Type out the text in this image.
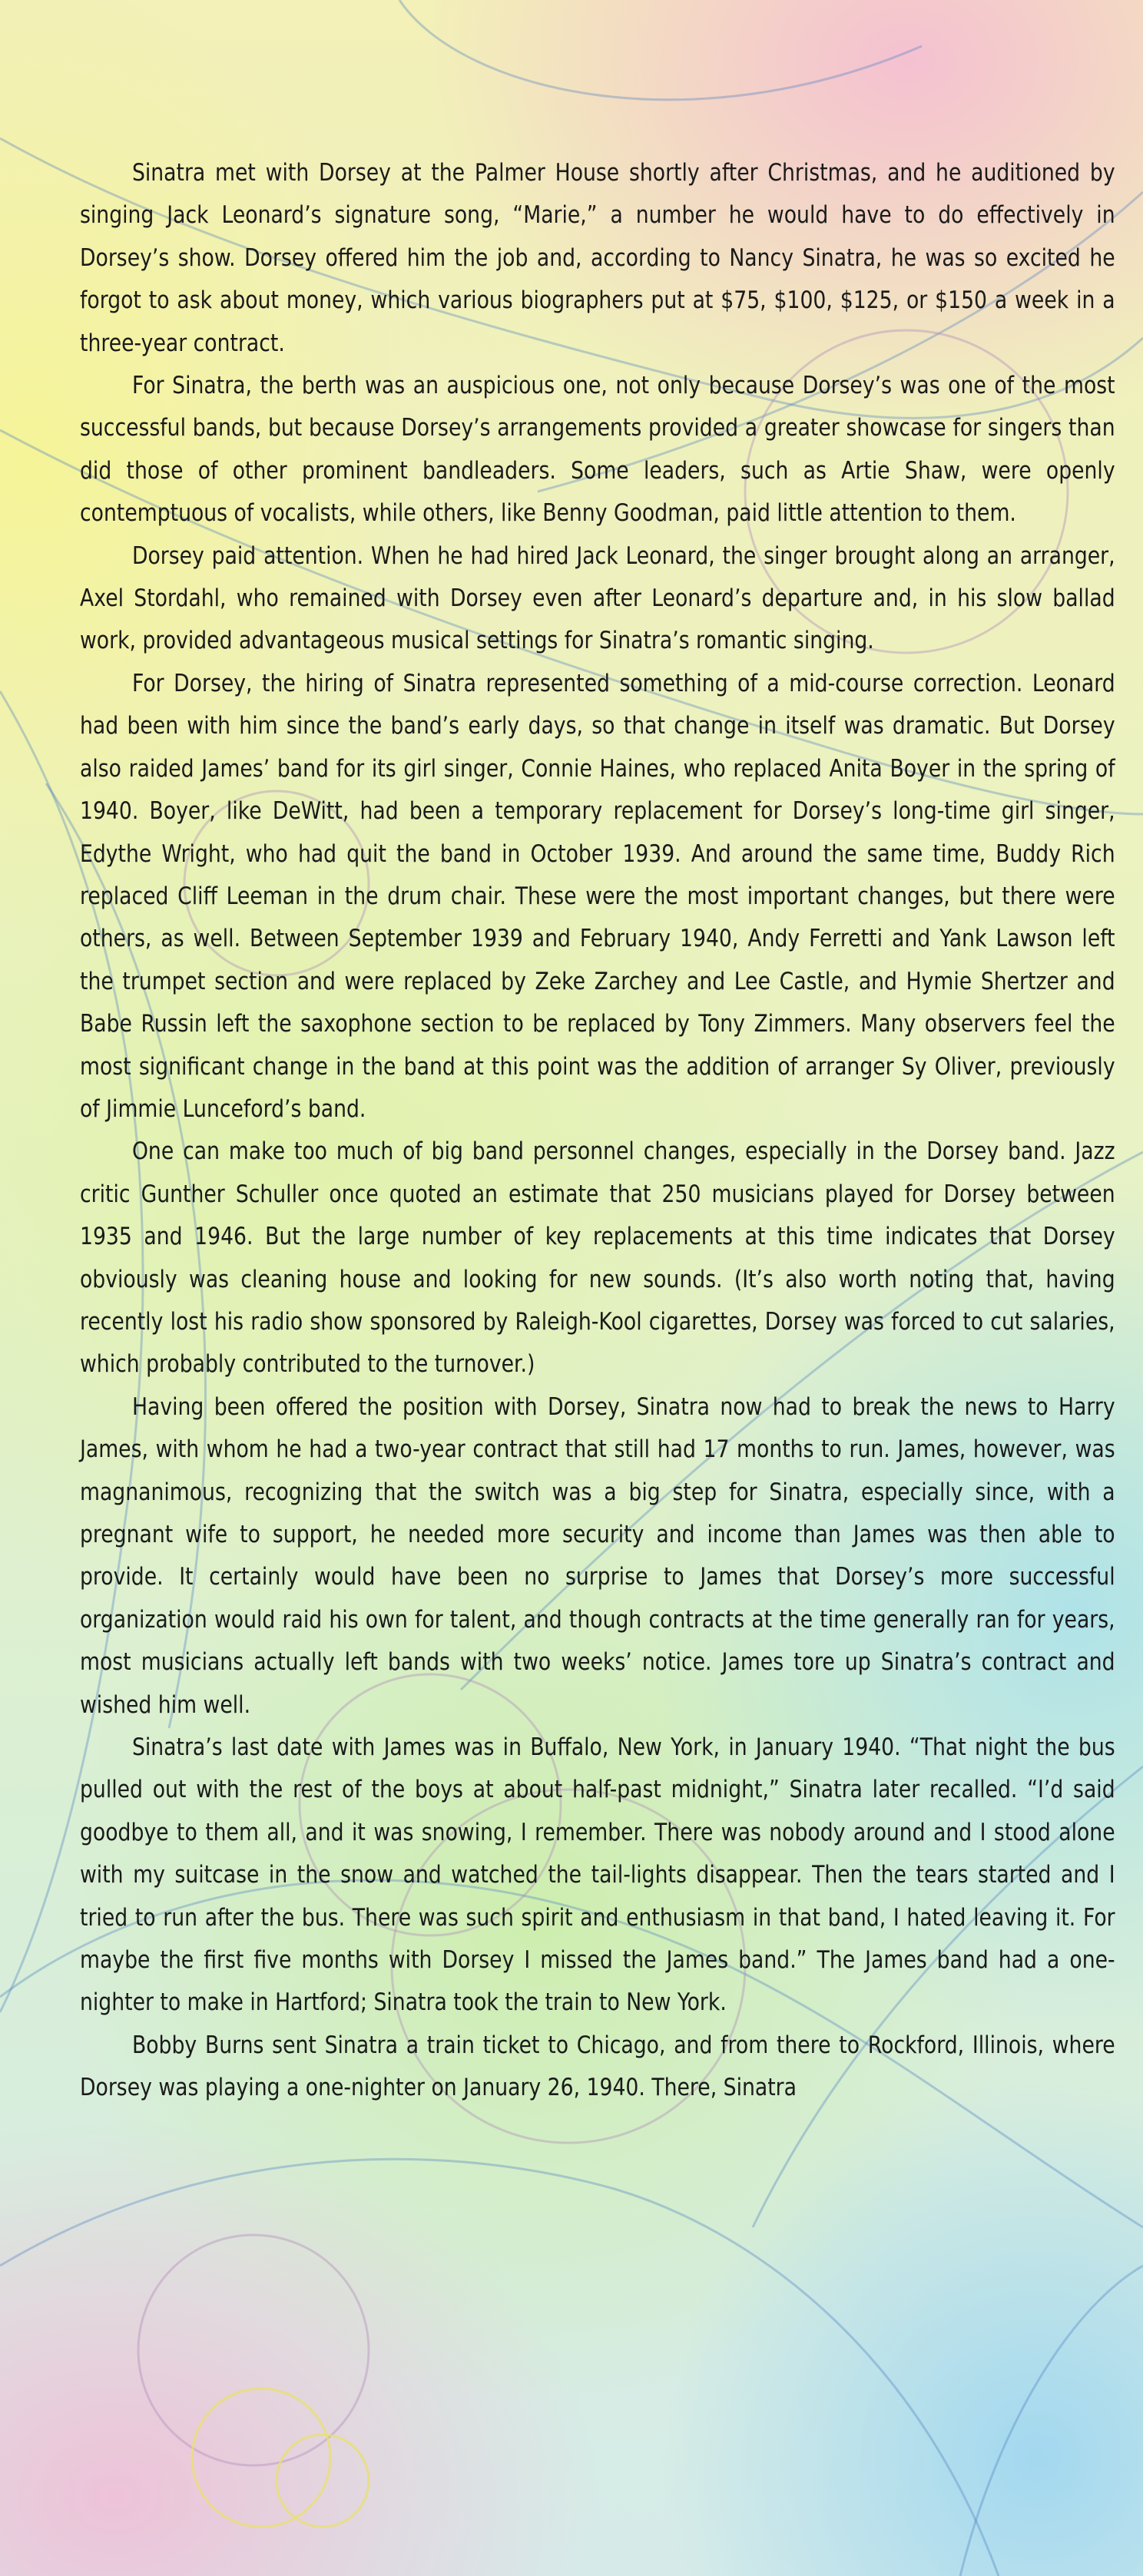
Sinatra met with Dorsey at the Palmer House shortly after Christmas, and he auditioned by singing Jack Leonard’s signature song, “Marie,” a number he would have to do effectively in Dorsey’s show. Dorsey offered him the job and, according to Nancy Sinatra, he was so excited he forgot to ask about money, which various biographers put at $75, $100, $125, or $150 a week in a three-year contract.

For Sinatra, the berth was an auspicious one, not only because Dorsey’s was one of the most successful bands, but because Dorsey’s arrangements provided a greater showcase for singers than did those of other prominent bandleaders. Some leaders, such as Artie Shaw, were openly contemptuous of vocalists, while others, like Benny Goodman, paid little attention to them.

Dorsey paid attention. When he had hired Jack Leonard, the singer brought along an arranger, Axel Stordahl, who remained with Dorsey even after Leonard’s departure and, in his slow ballad work, provided advantageous musical settings for Sinatra’s romantic singing.

For Dorsey, the hiring of Sinatra represented something of a mid-course correction. Leonard had been with him since the band’s early days, so that change in itself was dramatic. But Dorsey also raided James’ band for its girl singer, Connie Haines, who replaced Anita Boyer in the spring of 1940. Boyer, like DeWitt, had been a temporary replacement for Dorsey’s long-time girl singer, Edythe Wright, who had quit the band in October 1939. And around the same time, Buddy Rich replaced Cliff Leeman in the drum chair. These were the most important changes, but there were others, as well. Between September 1939 and February 1940, Andy Ferretti and Yank Lawson left the trumpet section and were replaced by Zeke Zarchey and Lee Castle, and Hymie Shertzer and Babe Russin left the saxophone section to be replaced by Tony Zimmers. Many observers feel the most significant change in the band at this point was the addition of arranger Sy Oliver, previously of Jimmie Lunceford’s band.

One can make too much of big band personnel changes, especially in the Dorsey band. Jazz critic Gunther Schuller once quoted an estimate that 250 musicians played for Dorsey between 1935 and 1946. But the large number of key replacements at this time indicates that Dorsey obviously was cleaning house and looking for new sounds. (It’s also worth noting that, having recently lost his radio show sponsored by Raleigh-Kool cigarettes, Dorsey was forced to cut salaries, which probably contributed to the turnover.)

Having been offered the position with Dorsey, Sinatra now had to break the news to Harry James, with whom he had a two-year contract that still had 17 months to run. James, however, was magnanimous, recognizing that the switch was a big step for Sinatra, especially since, with a pregnant wife to support, he needed more security and income than James was then able to provide. It certainly would have been no surprise to James that Dorsey’s more successful organization would raid his own for talent, and though contracts at the time generally ran for years, most musicians actually left bands with two weeks’ notice. James tore up Sinatra’s contract and wished him well.

Sinatra’s last date with James was in Buffalo, New York, in January 1940. “That night the bus pulled out with the rest of the boys at about half-past midnight,” Sinatra later recalled. “I’d said goodbye to them all, and it was snowing, I remember. There was nobody around and I stood alone with my suitcase in the snow and watched the tail-lights disappear. Then the tears started and I tried to run after the bus. There was such spirit and enthusiasm in that band, I hated leaving it. For maybe the first five months with Dorsey I missed the James band.” The James band had a one-nighter to make in Hartford; Sinatra took the train to New York.

Bobby Burns sent Sinatra a train ticket to Chicago, and from there to Rockford, Illinois, where Dorsey was playing a one-nighter on January 26, 1940. There, Sinatra
